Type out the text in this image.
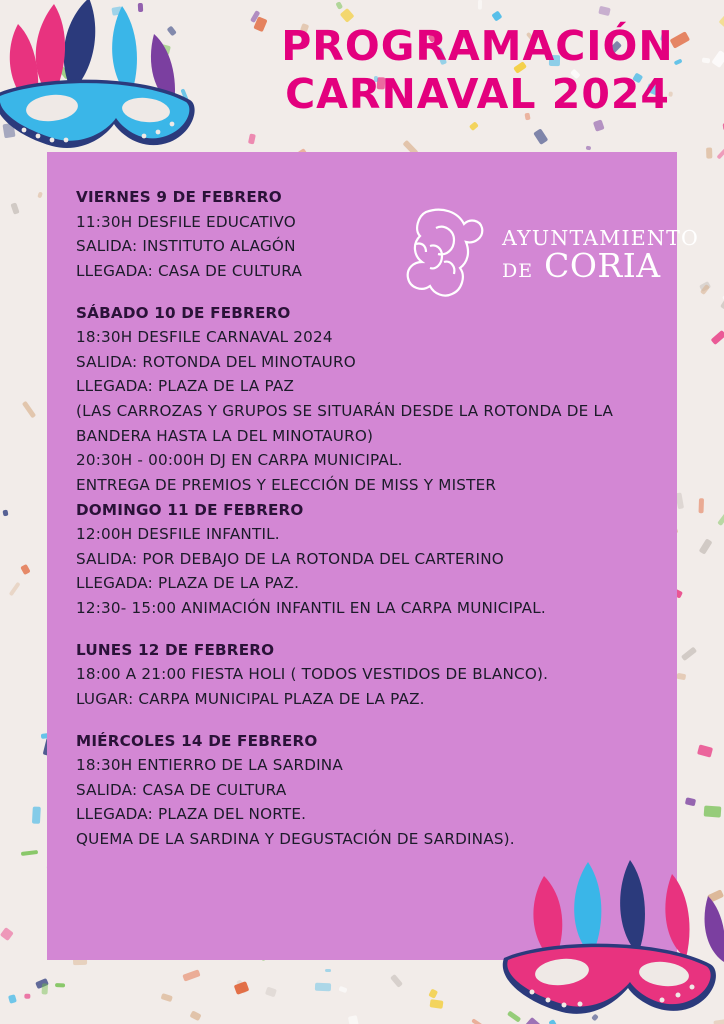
PROGRAMACIÓN
CARNAVAL 2024
AYUNTAMIENTO
DE CORIA
VIERNES 9 DE FEBRERO
11:30H DESFILE EDUCATIVO
SALIDA: INSTITUTO ALAGÓN
LLEGADA: CASA DE CULTURA
SÁBADO 10 DE FEBRERO
18:30H DESFILE CARNAVAL 2024
SALIDA: ROTONDA DEL MINOTAURO
LLEGADA: PLAZA DE LA PAZ
(LAS CARROZAS Y GRUPOS SE SITUARÁN DESDE LA ROTONDA DE LA
BANDERA HASTA LA DEL MINOTAURO)
20:30H - 00:00H DJ EN CARPA MUNICIPAL.
ENTREGA DE PREMIOS Y ELECCIÓN DE MISS Y MISTER
DOMINGO 11 DE FEBRERO
12:00H DESFILE INFANTIL.
SALIDA: POR DEBAJO DE LA ROTONDA DEL CARTERINO
LLEGADA: PLAZA DE LA PAZ.
12:30- 15:00 ANIMACIÓN INFANTIL EN LA CARPA MUNICIPAL.
LUNES 12 DE FEBRERO
18:00 A 21:00 FIESTA HOLI ( TODOS VESTIDOS DE BLANCO).
LUGAR: CARPA MUNICIPAL PLAZA DE LA PAZ.
MIÉRCOLES 14 DE FEBRERO
18:30H ENTIERRO DE LA SARDINA
SALIDA: CASA DE CULTURA
LLEGADA: PLAZA DEL NORTE.
QUEMA DE LA SARDINA Y DEGUSTACIÓN DE SARDINAS).
